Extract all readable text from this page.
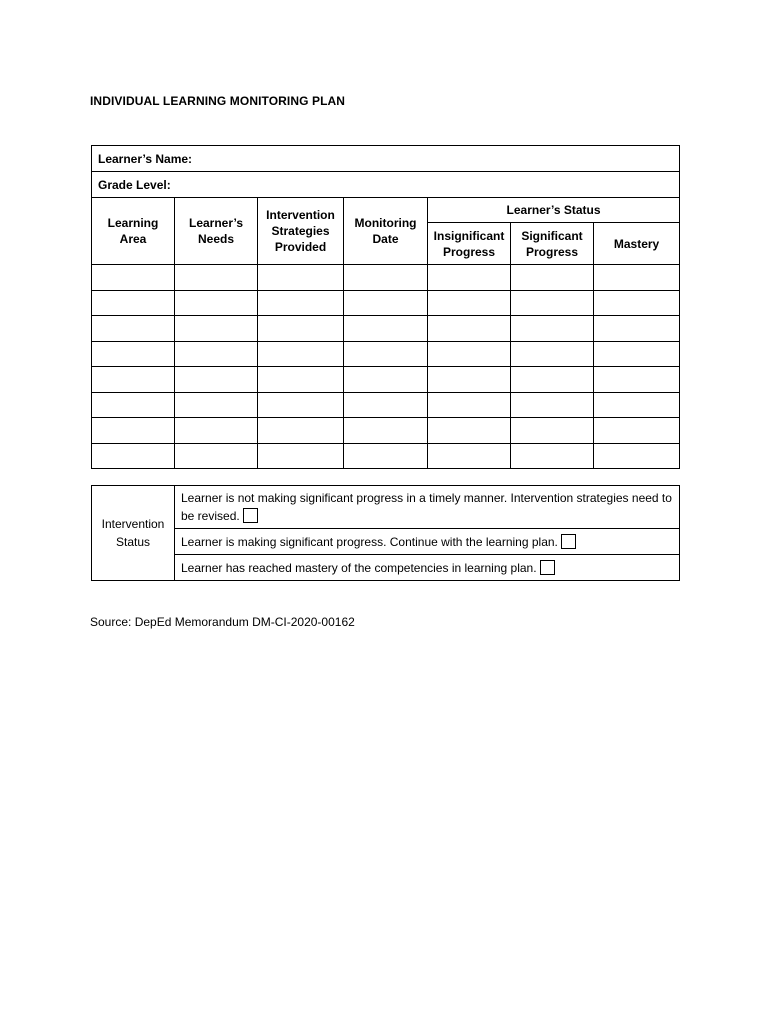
INDIVIDUAL LEARNING MONITORING PLAN
Learner’s Name:						
Grade Level:						
Learning Area	Learner’s Needs	Intervention Strategies Provided	Monitoring Date	Learner’s Status		
				Insignificant Progress	Significant Progress	Mastery

Intervention Status	Learner is not making significant progress in a timely manner. Intervention strategies need to be revised.
Learner is making significant progress. Continue with the learning plan.
Learner has reached mastery of the competencies in learning plan.
Source: DepEd Memorandum DM-CI-2020-00162
